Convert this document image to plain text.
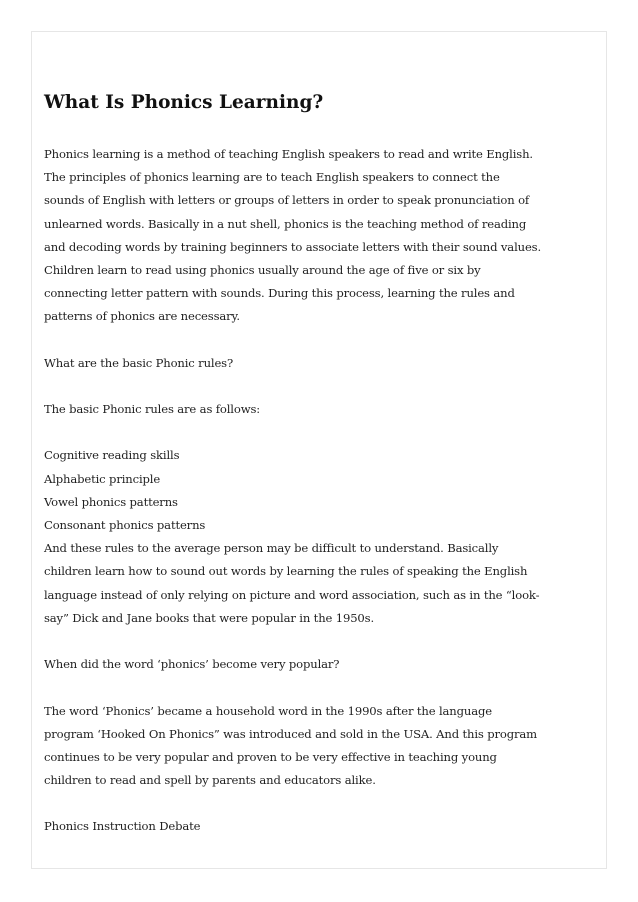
What Is Phonics Learning?
Phonics learning is a method of teaching English speakers to read and write English.
The principles of phonics learning are to teach English speakers to connect the
sounds of English with letters or groups of letters in order to speak pronunciation of
unlearned words. Basically in a nut shell, phonics is the teaching method of reading
and decoding words by training beginners to associate letters with their sound values.
Children learn to read using phonics usually around the age of five or six by
connecting letter pattern with sounds. During this process, learning the rules and
patterns of phonics are necessary.
What are the basic Phonic rules?
The basic Phonic rules are as follows:
Cognitive reading skills
Alphabetic principle
Vowel phonics patterns
Consonant phonics patterns
And these rules to the average person may be difficult to understand. Basically
children learn how to sound out words by learning the rules of speaking the English
language instead of only relying on picture and word association, such as in the “look-
say” Dick and Jane books that were popular in the 1950s.
When did the word ‘phonics’ become very popular?
The word ‘Phonics’ became a household word in the 1990s after the language
program ‘Hooked On Phonics” was introduced and sold in the USA. And this program
continues to be very popular and proven to be very effective in teaching young
children to read and spell by parents and educators alike.
Phonics Instruction Debate
